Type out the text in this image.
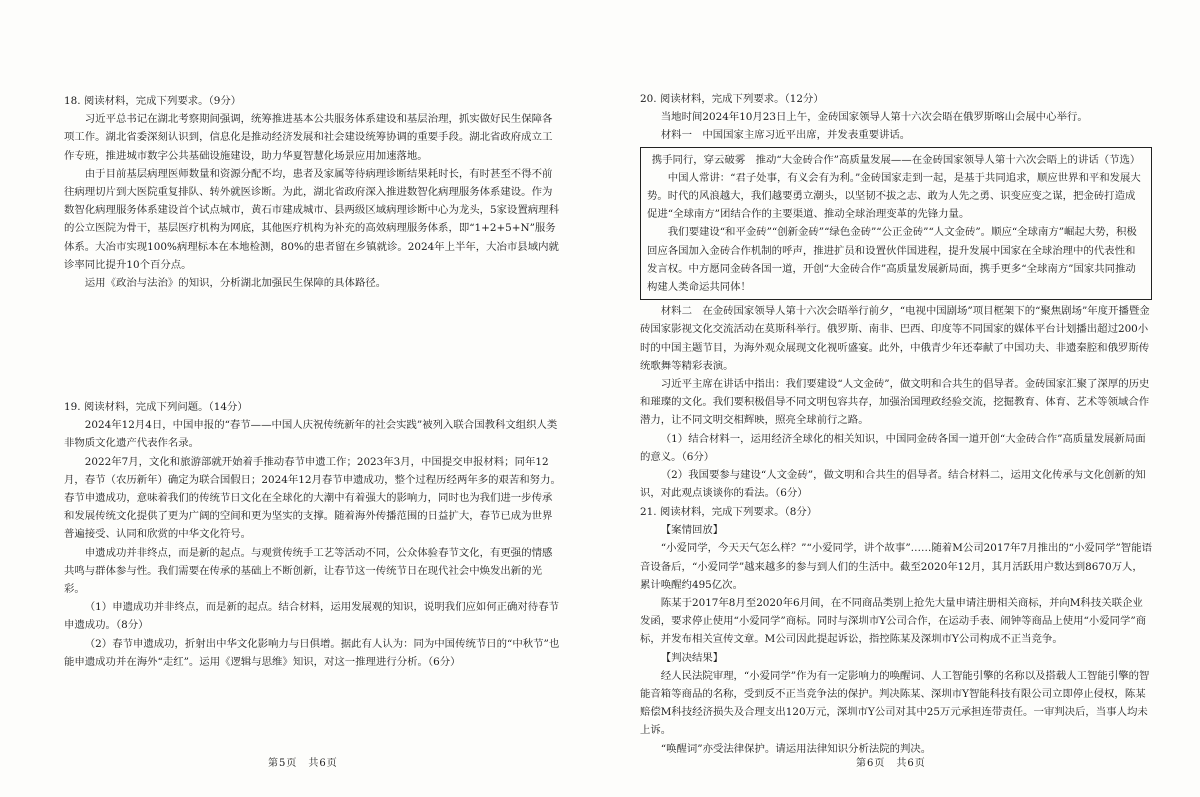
18. 阅读材料，完成下列要求。（9分）

习近平总书记在湖北考察期间强调，统筹推进基本公共服务体系建设和基层治理，抓实做好民生保障各项工作。湖北省委深刻认识到，信息化是推动经济发展和社会建设统筹协调的重要手段。湖北省政府成立工作专班，推进城市数字公共基础设施建设，助力华夏智慧化场景应用加速落地。

由于目前基层病理医师数量和资源分配不均，患者及家属等待病理诊断结果耗时长，有时甚至不得不前往病理切片到大医院重复排队、转外就医诊断。为此，湖北省政府深入推进数智化病理服务体系建设。作为数智化病理服务体系建设首个试点城市，黄石市建成城市、县两级区域病理诊断中心为龙头，5家设置病理科的公立医院为骨干，基层医疗机构为网底，其他医疗机构为补充的高效病理服务体系，即“1+2+5+N”服务体系。大冶市实现100%病理标本在本地检测，80%的患者留在乡镇就诊。2024年上半年，大冶市县域内就诊率同比提升10个百分点。

运用《政治与法治》的知识，分析湖北加强民生保障的具体路径。

19. 阅读材料，完成下列问题。（14分）

2024年12月4日，中国申报的“春节——中国人庆祝传统新年的社会实践”被列入联合国教科文组织人类非物质文化遗产代表作名录。

2022年7月，文化和旅游部就开始着手推动春节申遗工作；2023年3月，中国提交申报材料；同年12月，春节（农历新年）确定为联合国假日；2024年12月春节申遗成功，整个过程历经两年多的艰苦和努力。春节申遗成功，意味着我们的传统节日文化在全球化的大潮中有着强大的影响力，同时也为我们进一步传承和发展传统文化提供了更为广阔的空间和更为坚实的支撑。随着海外传播范围的日益扩大，春节已成为世界普遍接受、认同和欣赏的中华文化符号。

申遗成功并非终点，而是新的起点。与观赏传统手工艺等活动不同，公众体验春节文化，有更强的情感共鸣与群体参与性。我们需要在传承的基础上不断创新，让春节这一传统节日在现代社会中焕发出新的光彩。

（1）申遗成功并非终点，而是新的起点。结合材料，运用发展观的知识，说明我们应如何正确对待春节申遗成功。（8分）

（2）春节申遗成功，折射出中华文化影响力与日俱增。据此有人认为：同为中国传统节日的“中秋节”也能申遗成功并在海外“走红”。运用《逻辑与思维》知识，对这一推理进行分析。（6分）

第5页　共6页

20. 阅读材料，完成下列要求。（12分）

当地时间2024年10月23日上午，金砖国家领导人第十六次会晤在俄罗斯喀山会展中心举行。

材料一　中国国家主席习近平出席，并发表重要讲话。

携手同行，穿云破雾　推动“大金砖合作”高质量发展——在金砖国家领导人第十六次会晤上的讲话（节选）

中国人常讲：“君子处事，有义会有为利。”金砖国家走到一起，是基于共同追求，顺应世界和平和发展大势。时代的风浪越大，我们越要勇立潮头，以坚韧不拔之志、敢为人先之勇、识变应变之谋，把金砖打造成促进“全球南方”团结合作的主要渠道、推动全球治理变革的先锋力量。

我们要建设“和平金砖”“创新金砖”“绿色金砖”“公正金砖”“人文金砖”。顺应“全球南方”崛起大势，积极回应各国加入金砖合作机制的呼声，推进扩员和设置伙伴国进程，提升发展中国家在全球治理中的代表性和发言权。中方愿同金砖各国一道，开创“大金砖合作”高质量发展新局面，携手更多“全球南方”国家共同推动构建人类命运共同体！

材料二　在金砖国家领导人第十六次会晤举行前夕，“电视中国剧场”项目框架下的“聚焦剧场”年度开播暨金砖国家影视文化交流活动在莫斯科举行。俄罗斯、南非、巴西、印度等不同国家的媒体平台计划播出超过200小时的中国主题节目，为海外观众展现文化视听盛宴。此外，中俄青少年还奉献了中国功夫、非遗秦腔和俄罗斯传统歌舞等精彩表演。

习近平主席在讲话中指出：我们要建设“人文金砖”，做文明和合共生的倡导者。金砖国家汇聚了深厚的历史和璀璨的文化。我们要积极倡导不同文明包容共存，加强治国理政经验交流，挖掘教育、体育、艺术等领域合作潜力，让不同文明交相辉映，照亮全球前行之路。

（1）结合材料一，运用经济全球化的相关知识，中国同金砖各国一道开创“大金砖合作”高质量发展新局面的意义。（6分）

（2）我国要参与建设“人文金砖”，做文明和合共生的倡导者。结合材料二，运用文化传承与文化创新的知识，对此观点谈谈你的看法。（6分）

21. 阅读材料，完成下列要求。（8分）

【案情回放】

“小爱同学，今天天气怎么样？”“小爱同学，讲个故事”……随着M公司2017年7月推出的“小爱同学”智能语音设备后，“小爱同学”越来越多的参与到人们的生活中。截至2020年12月，其月活跃用户数达到8670万人，累计唤醒约495亿次。

陈某于2017年8月至2020年6月间，在不同商品类别上抢先大量申请注册相关商标，并向M科技关联企业发函，要求停止使用“小爱同学”商标。同时与深圳市Y公司合作，在运动手表、闹钟等商品上使用“小爱同学”商标，并发布相关宣传文章。M公司因此提起诉讼，指控陈某及深圳市Y公司构成不正当竞争。

【判决结果】

经人民法院审理，“小爱同学”作为有一定影响力的唤醒词、人工智能引擎的名称以及搭载人工智能引擎的智能音箱等商品的名称，受到反不正当竞争法的保护。判决陈某、深圳市Y智能科技有限公司立即停止侵权，陈某赔偿M科技经济损失及合理支出120万元，深圳市Y公司对其中25万元承担连带责任。一审判决后，当事人均未上诉。

“唤醒词”亦受法律保护。请运用法律知识分析法院的判决。

第6页　共6页
